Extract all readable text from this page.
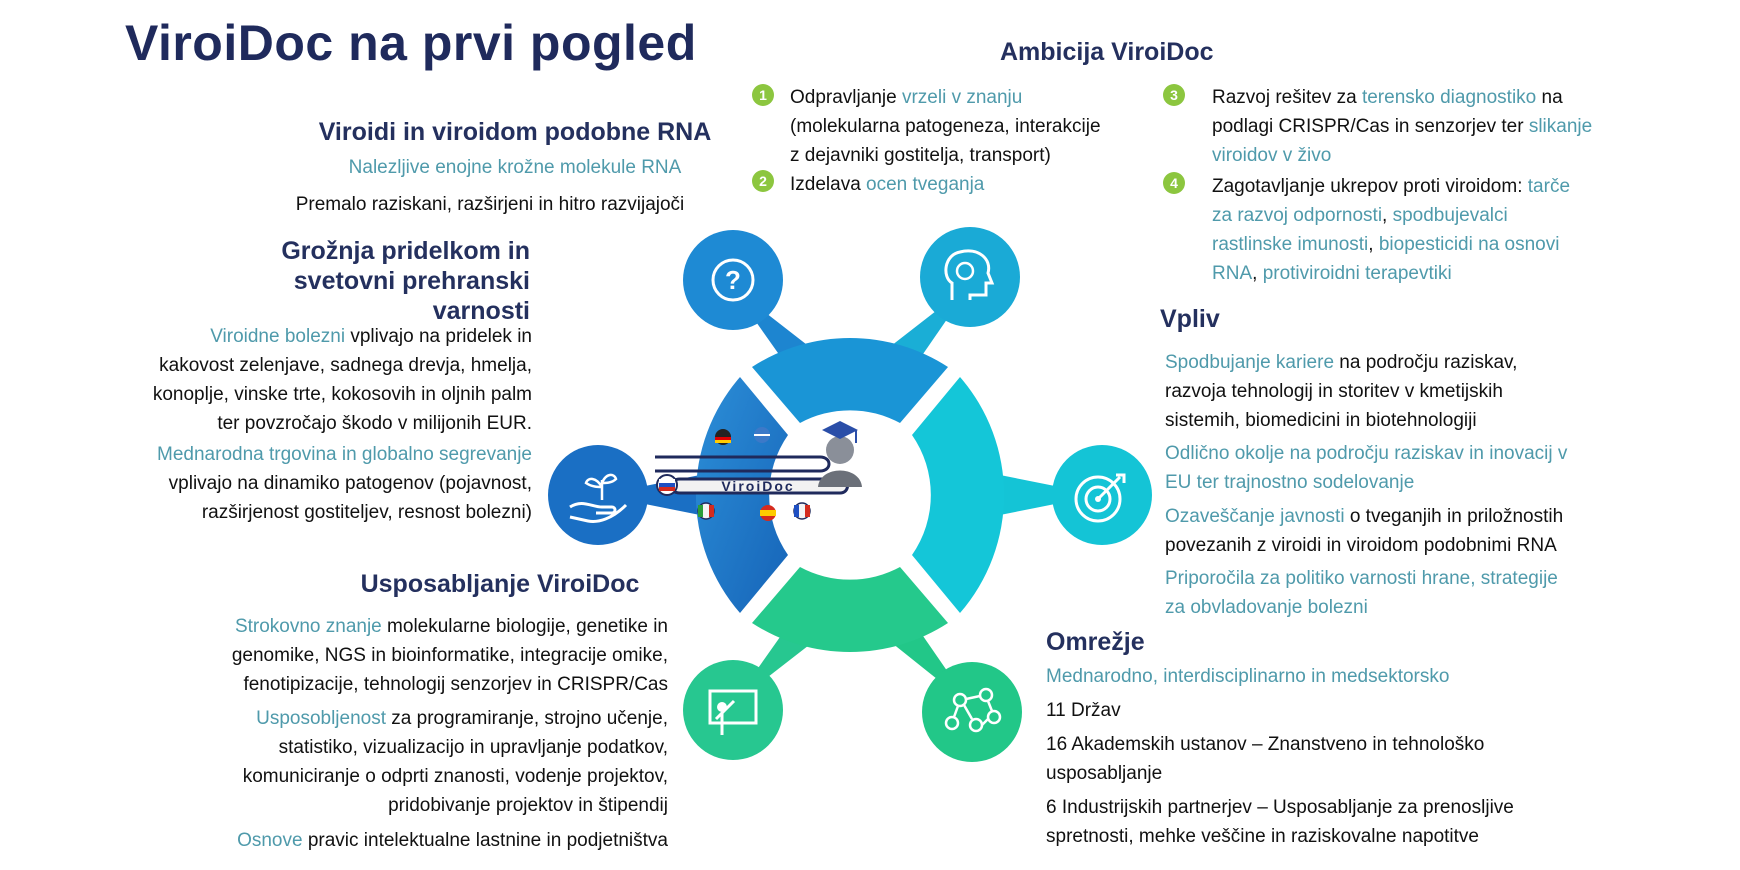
ViroiDoc na prvi pogled
Viroidi in viroidom podobne RNA
Nalezljive enojne krožne molekule RNA
Premalo raziskani, razširjeni in hitro razvijajoči
Grožnja pridelkom in
svetovni prehranski
varnosti
Viroidne bolezni vplivajo na pridelek in
kakovost zelenjave, sadnega drevja, hmelja,
konoplje, vinske trte, kokosovih in oljnih palm
ter povzročajo škodo v milijonih EUR.
Mednarodna trgovina in globalno segrevanje
vplivajo na dinamiko patogenov (pojavnost,
razširjenost gostiteljev, resnost bolezni)
Usposabljanje ViroiDoc
Strokovno znanje molekularne biologije, genetike in
genomike, NGS in bioinformatike, integracije omike,
fenotipizacije, tehnologij senzorjev in CRISPR/Cas
Usposobljenost za programiranje, strojno učenje,
statistiko, vizualizacijo in upravljanje podatkov,
komuniciranje o odprti znanosti, vodenje projektov,
pridobivanje projektov in štipendij
Osnove pravic intelektualne lastnine in podjetništva
Ambicija ViroiDoc
1	Odpravljanje vrzeli v znanju
(molekularna patogeneza, interakcije
z dejavniki gostitelja, transport)
2	Izdelava ocen tveganja
3	Razvoj rešitev za terensko diagnostiko na
podlagi CRISPR/Cas in senzorjev ter slikanje
viroidov v živo
4	Zagotavljanje ukrepov proti viroidom: tarče
za razvoj odpornosti, spodbujevalci
rastlinske imunosti, biopesticidi na osnovi
RNA, protiviroidni terapevtiki
Vpliv
Spodbujanje kariere na področju raziskav,
razvoja tehnologij in storitev v kmetijskih
sistemih, biomedicini in biotehnologiji
Odlično okolje na področju raziskav in inovacij v
EU ter trajnostno sodelovanje
Ozaveščanje javnosti o tveganjih in priložnostih
povezanih z viroidi in viroidom podobnimi RNA
Priporočila za politiko varnosti hrane, strategije
za obvladovanje bolezni
Omrežje
Mednarodno, interdisciplinarno in medsektorsko
11 Držav
16 Akademskih ustanov – Znanstveno in tehnološko
usposabljanje
6 Industrijskih partnerjev – Usposabljanje za prenosljive
spretnosti, mehke veščine in raziskovalne napotitve
?
ViroiDoc
